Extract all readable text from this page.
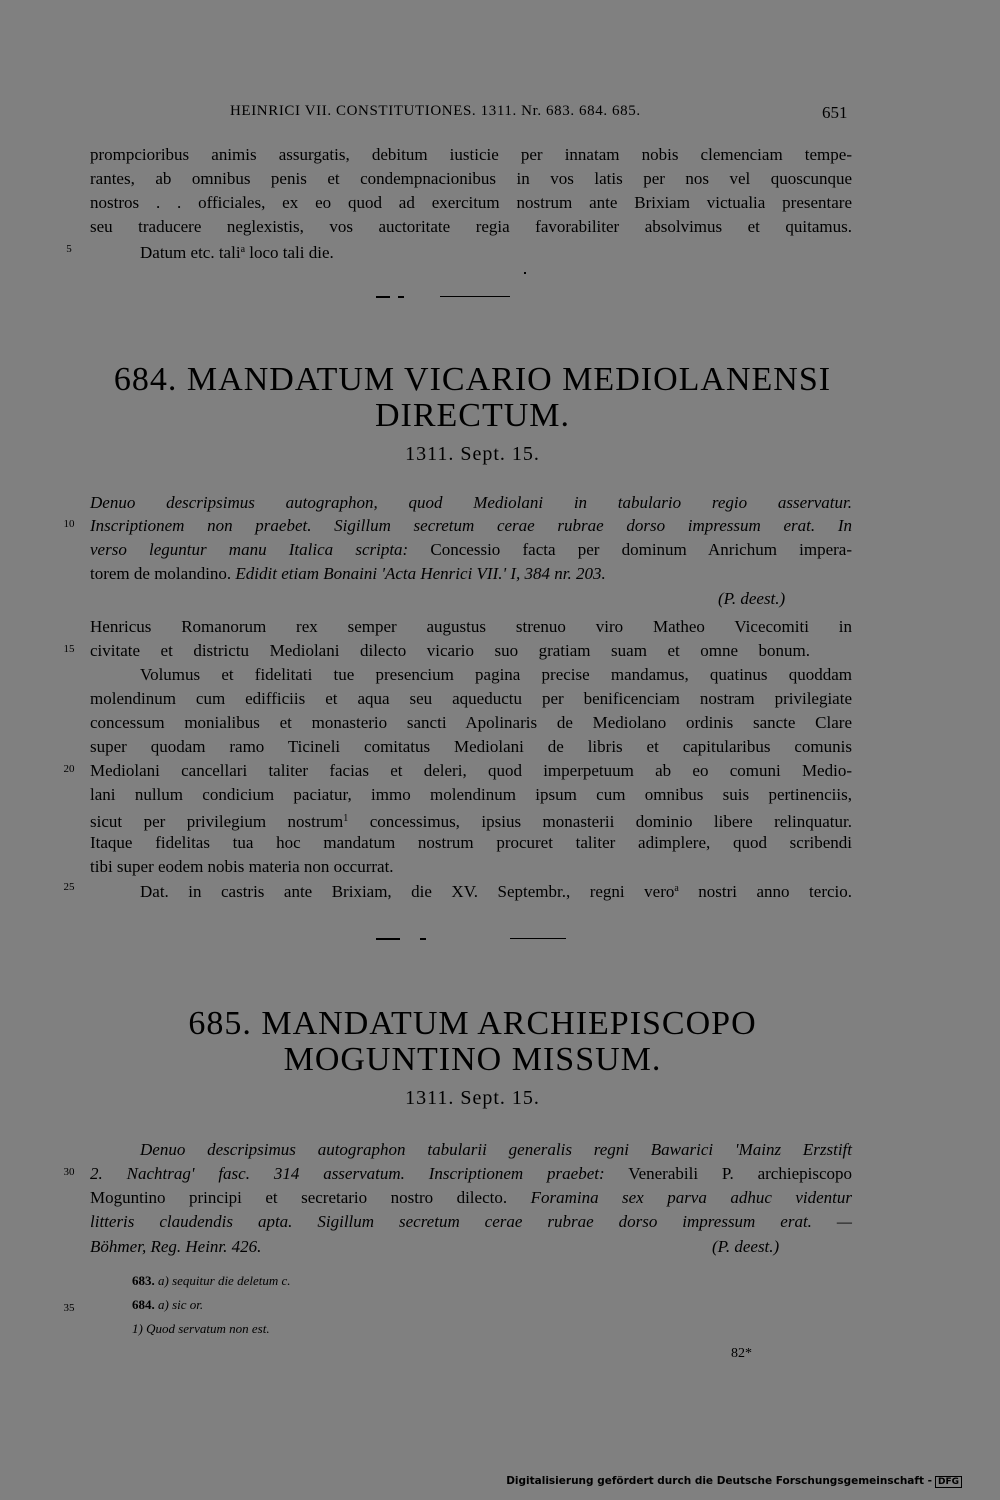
HEINRICI VII. CONSTITUTIONES. 1311. Nr. 683. 684. 685.	651
prompcioribus animis assurgatis, debitum iusticie per innatam nobis clemenciam tempe-
rantes, ab omnibus penis et condempnacionibus in vos latis per nos vel quoscunque
nostros . . officiales, ex eo quod ad exercitum nostrum ante Brixiam victualia presentare
seu traducere neglexistis, vos auctoritate regia favorabiliter absolvimus et quitamus.
5	Datum etc. tali$^a$ loco tali die.
684. MANDATUM VICARIO MEDIOLANENSI
DIRECTUM.
1311. Sept. 15.
Denuo descripsimus autographon, quod Mediolani in tabulario regio asservatur.
10 Inscriptionem non praebet. Sigillum secretum cerae rubrae dorso impressum erat. In
verso leguntur manu Italica scripta: Concessio facta per dominum Anrichum impera-
torem de molandino. Edidit etiam Bonaini 'Acta Henrici VII.' I, 384 nr. 203.
(P. deest.)
Henricus Romanorum rex semper augustus strenuo viro Matheo Vicecomiti in
15 civitate et districtu Mediolani dilecto vicario suo gratiam suam et omne bonum.
Volumus et fidelitati tue presencium pagina precise mandamus, quatinus quoddam
molendinum cum edifficiis et aqua seu aqueductu per benificenciam nostram privilegiate
concessum monialibus et monasterio sancti Apolinaris de Mediolano ordinis sancte Clare
super quodam ramo Ticineli comitatus Mediolani de libris et capitularibus comunis
20 Mediolani cancellari taliter facias et deleri, quod imperpetuum ab eo comuni Medio-
lani nullum condicium paciatur, immo molendinum ipsum cum omnibus suis pertinenciis,
sicut per privilegium nostrum$^1$ concessimus, ipsius monasterii dominio libere relinquatur.
Itaque fidelitas tua hoc mandatum nostrum procuret taliter adimplere, quod scribendi
tibi super eodem nobis materia non occurrat.
25	Dat. in castris ante Brixiam, die XV. Septembr., regni vero$^a$ nostri anno tercio.
685. MANDATUM ARCHIEPISCOPO
MOGUNTINO MISSUM.
1311. Sept. 15.
Denuo descripsimus autographon tabularii generalis regni Bawarici 'Mainz Erzstift
30 2. Nachtrag' fasc. 314 asservatum. Inscriptionem praebet: Venerabili P. archiepiscopo
Moguntino principi et secretario nostro dilecto. Foramina sex parva adhuc videntur
litteris claudendis apta. Sigillum secretum cerae rubrae dorso impressum erat. —
Böhmer, Reg. Heinr. 426.	(P. deest.)
683. a) sequitur die deletum c.
35	684. a) sic or.
1) Quod servatum non est.
82*
Digitalisierung gefördert durch die Deutsche Forschungsgemeinschaft - DFG
